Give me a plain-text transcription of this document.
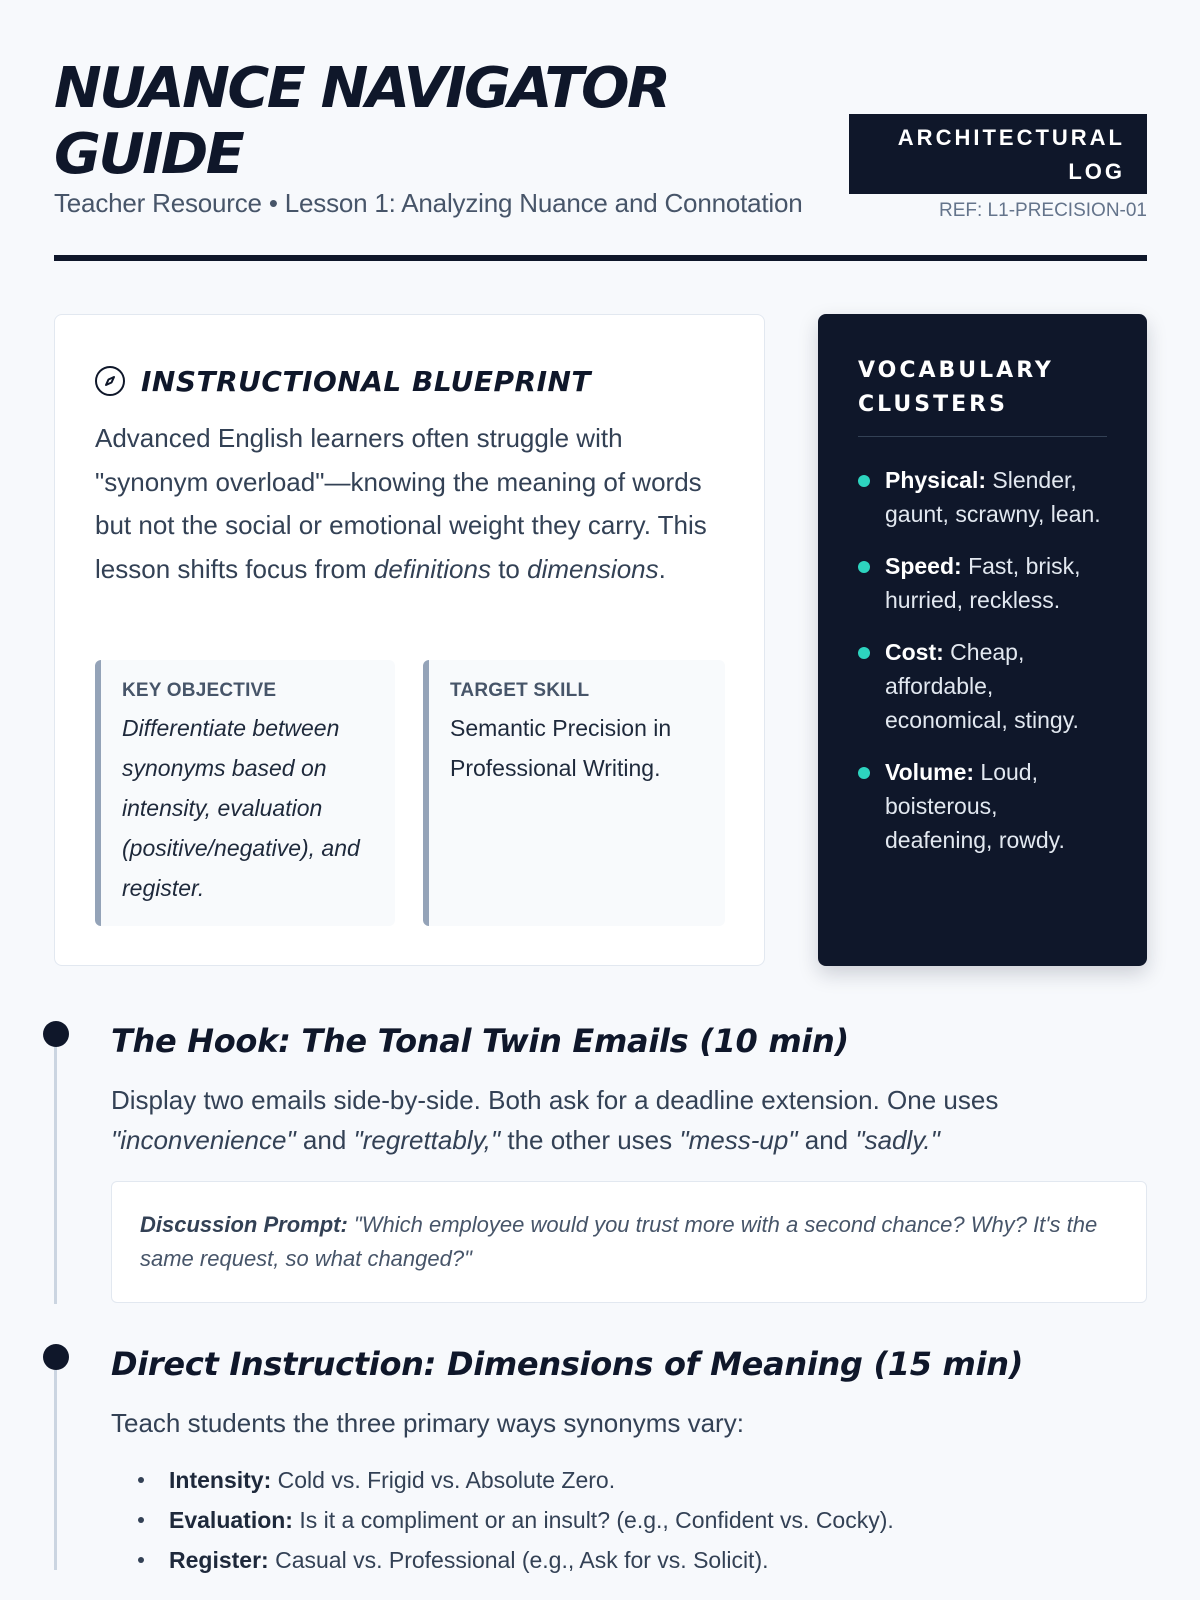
NUANCE NAVIGATOR GUIDE
Teacher Resource • Lesson 1: Analyzing Nuance and Connotation
ARCHITECTURAL LOG
REF: L1-PRECISION-01
INSTRUCTIONAL BLUEPRINT

Advanced English learners often struggle with "synonym overload"—knowing the meaning of words but not the social or emotional weight they carry. This lesson shifts focus from definitions to dimensions.

KEY OBJECTIVE
Differentiate between synonyms based on intensity, evaluation (positive/negative), and register.
TARGET SKILL
Semantic Precision in Professional Writing.
VOCABULARY CLUSTERS
Physical: Slender, gaunt, scrawny, lean.
Speed: Fast, brisk, hurried, reckless.
Cost: Cheap, affordable, economical, stingy.
Volume: Loud, boisterous, deafening, rowdy.
The Hook: The Tonal Twin Emails (10 min)

Display two emails side-by-side. Both ask for a deadline extension. One uses "inconvenience" and "regrettably," the other uses "mess-up" and "sadly."

Discussion Prompt: "Which employee would you trust more with a second chance? Why? It's the same request, so what changed?"
Direct Instruction: Dimensions of Meaning (15 min)

Teach students the three primary ways synonyms vary:

Intensity: Cold vs. Frigid vs. Absolute Zero.
Evaluation: Is it a compliment or an insult? (e.g., Confident vs. Cocky).
Register: Casual vs. Professional (e.g., Ask for vs. Solicit).
